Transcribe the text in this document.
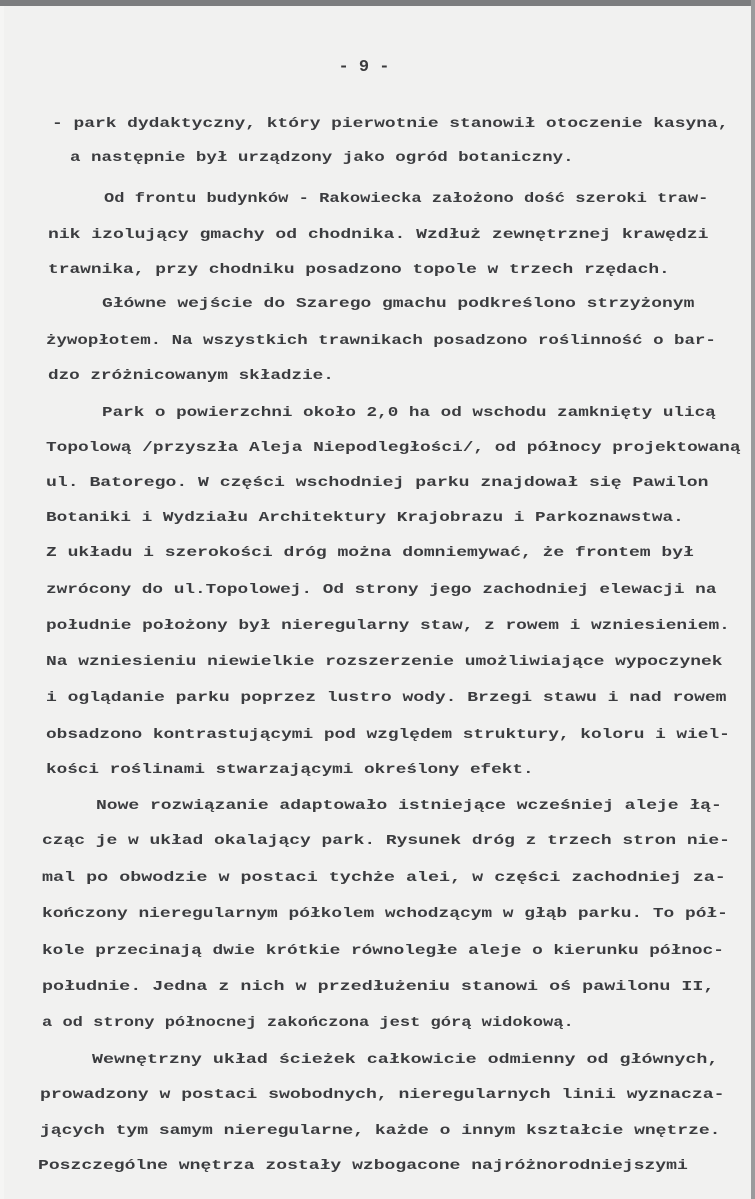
- 9 -
- park dydaktyczny, który pierwotnie stanowił otoczenie kasyna,
a następnie był urządzony jako ogród botaniczny.
Od frontu budynków - Rakowiecka założono dość szeroki traw-
nik izolujący gmachy od chodnika. Wzdłuż zewnętrznej krawędzi
trawnika, przy chodniku posadzono topole w trzech rzędach.
Główne wejście do Szarego gmachu podkreślono strzyżonym
żywopłotem. Na wszystkich trawnikach posadzono roślinność o bar-
dzo zróżnicowanym składzie.
Park o powierzchni około 2,0 ha od wschodu zamknięty ulicą
Topolową /przyszła Aleja Niepodległości/, od północy projektowaną
ul. Batorego. W części wschodniej parku znajdował się Pawilon
Botaniki i Wydziału Architektury Krajobrazu i Parkoznawstwa.
Z układu i szerokości dróg można domniemywać, że frontem był
zwrócony do ul.Topolowej. Od strony jego zachodniej elewacji na
południe położony był nieregularny staw, z rowem i wzniesieniem.
Na wzniesieniu niewielkie rozszerzenie umożliwiające wypoczynek
i oglądanie parku poprzez lustro wody. Brzegi stawu i nad rowem
obsadzono kontrastującymi pod względem struktury, koloru i wiel-
kości roślinami stwarzającymi określony efekt.
Nowe rozwiązanie adaptowało istniejące wcześniej aleje łą-
cząc je w układ okalający park. Rysunek dróg z trzech stron nie-
mal po obwodzie w postaci tychże alei, w części zachodniej za-
kończony nieregularnym półkolem wchodzącym w głąb parku. To pół-
kole przecinają dwie krótkie równoległe aleje o kierunku północ-
południe. Jedna z nich w przedłużeniu stanowi oś pawilonu II,
a od strony północnej zakończona jest górą widokową.
Wewnętrzny układ ścieżek całkowicie odmienny od głównych,
prowadzony w postaci swobodnych, nieregularnych linii wyznacza-
jących tym samym nieregularne, każde o innym kształcie wnętrze.
Poszczególne wnętrza zostały wzbogacone najróżnorodniejszymi
